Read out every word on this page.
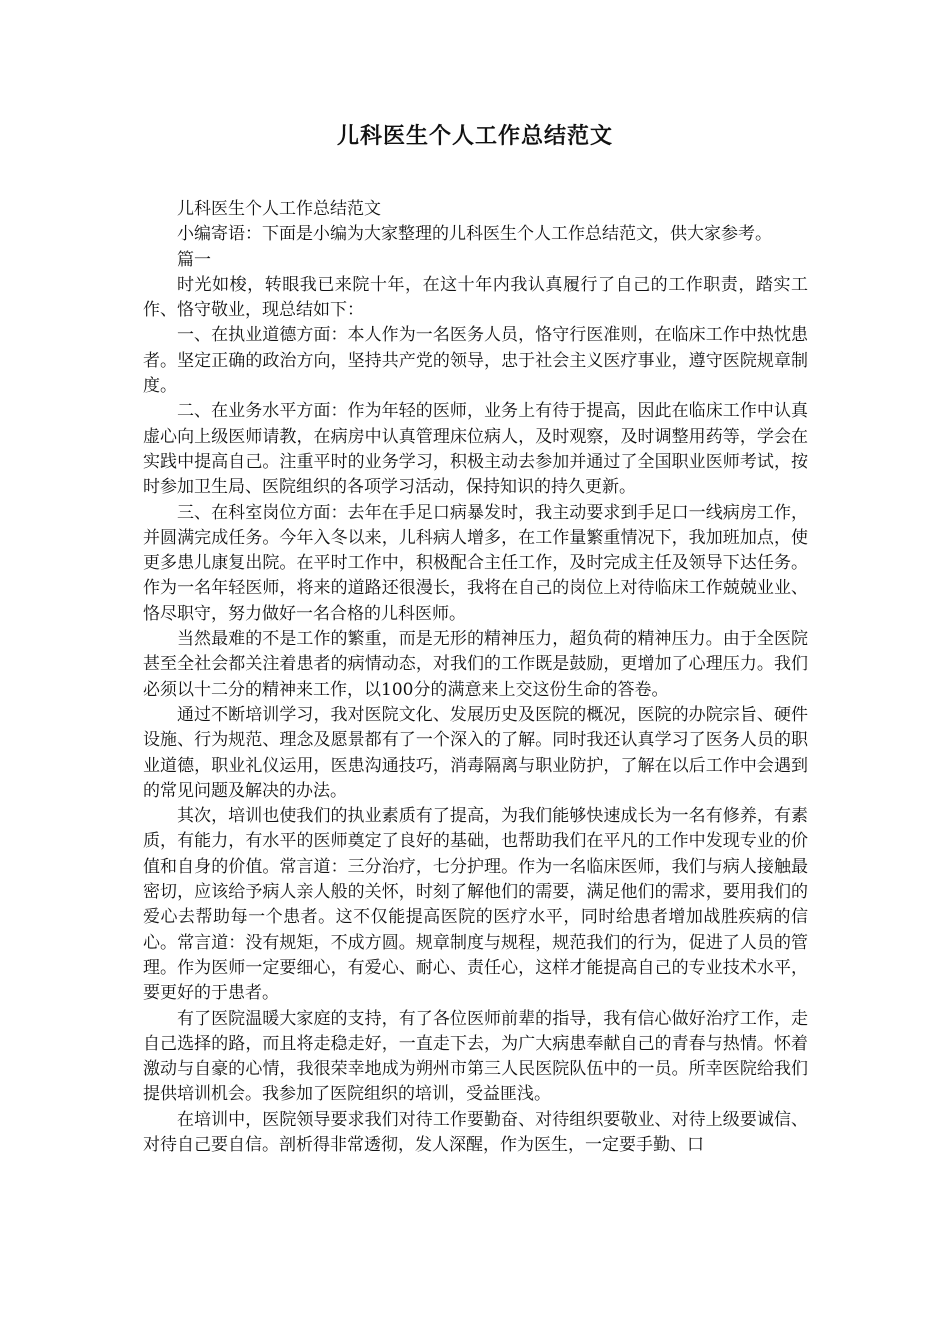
儿科医生个人工作总结范文

儿科医生个人工作总结范文

小编寄语：下面是小编为大家整理的儿科医生个人工作总结范文，供大家参考。

篇一

时光如梭，转眼我已来院十年，在这十年内我认真履行了自己的工作职责，踏实工作、恪守敬业，现总结如下：

一、在执业道德方面：本人作为一名医务人员，恪守行医准则，在临床工作中热忱患者。坚定正确的政治方向，坚持共产党的领导，忠于社会主义医疗事业，遵守医院规章制度。

二、在业务水平方面：作为年轻的医师，业务上有待于提高，因此在临床工作中认真虚心向上级医师请教，在病房中认真管理床位病人，及时观察，及时调整用药等，学会在实践中提高自己。注重平时的业务学习，积极主动去参加并通过了全国职业医师考试，按时参加卫生局、医院组织的各项学习活动，保持知识的持久更新。

三、在科室岗位方面：去年在手足口病暴发时，我主动要求到手足口一线病房工作，并圆满完成任务。今年入冬以来，儿科病人增多，在工作量繁重情况下，我加班加点，使更多患儿康复出院。在平时工作中，积极配合主任工作，及时完成主任及领导下达任务。作为一名年轻医师，将来的道路还很漫长，我将在自己的岗位上对待临床工作兢兢业业、恪尽职守，努力做好一名合格的儿科医师。

当然最难的不是工作的繁重，而是无形的精神压力，超负荷的精神压力。由于全医院甚至全社会都关注着患者的病情动态，对我们的工作既是鼓励，更增加了心理压力。我们必须以十二分的精神来工作，以100分的满意来上交这份生命的答卷。

通过不断培训学习，我对医院文化、发展历史及医院的概况，医院的办院宗旨、硬件设施、行为规范、理念及愿景都有了一个深入的了解。同时我还认真学习了医务人员的职业道德，职业礼仪运用，医患沟通技巧，消毒隔离与职业防护，了解在以后工作中会遇到的常见问题及解决的办法。

其次，培训也使我们的执业素质有了提高，为我们能够快速成长为一名有修养，有素质，有能力，有水平的医师奠定了良好的基础，也帮助我们在平凡的工作中发现专业的价值和自身的价值。常言道：三分治疗，七分护理。作为一名临床医师，我们与病人接触最密切，应该给予病人亲人般的关怀，时刻了解他们的需要，满足他们的需求，要用我们的爱心去帮助每一个患者。这不仅能提高医院的医疗水平，同时给患者增加战胜疾病的信心。常言道：没有规矩，不成方圆。规章制度与规程，规范我们的行为，促进了人员的管理。作为医师一定要细心，有爱心、耐心、责任心，这样才能提高自己的专业技术水平，要更好的于患者。

有了医院温暖大家庭的支持，有了各位医师前辈的指导，我有信心做好治疗工作，走自己选择的路，而且将走稳走好，一直走下去，为广大病患奉献自己的青春与热情。怀着激动与自豪的心情，我很荣幸地成为朔州市第三人民医院队伍中的一员。所幸医院给我们提供培训机会。我参加了医院组织的培训，受益匪浅。

在培训中，医院领导要求我们对待工作要勤奋、对待组织要敬业、对待上级要诚信、对待自己要自信。剖析得非常透彻，发人深醒，作为医生，一定要手勤、口
